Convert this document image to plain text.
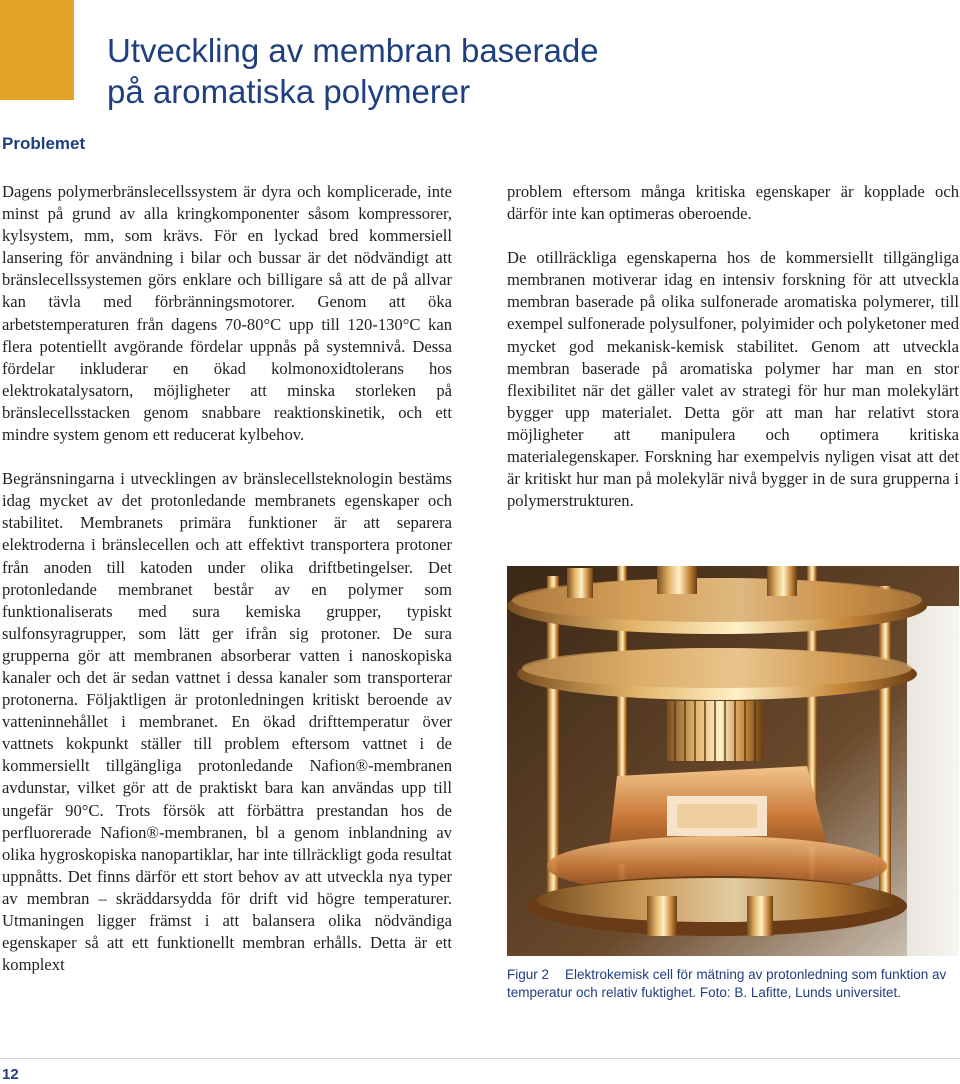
Utveckling av membran baserade
på aromatiska polymerer
Problemet

Dagens polymerbränslecellssystem är dyra och komplicerade, inte minst på grund av alla kringkomponenter såsom kompressorer, kylsystem, mm, som krävs. För en lyckad bred kommersiell lansering för användning i bilar och bussar är det nödvändigt att bränslecellssystemen görs enklare och billigare så att de på allvar kan tävla med förbränningsmotorer. Genom att öka arbetstemperaturen från dagens 70-80°C upp till 120-130°C kan flera potentiellt avgörande fördelar uppnås på systemnivå. Dessa fördelar inkluderar en ökad kolmonoxidtolerans hos elektrokatalysatorn, möjligheter att minska storleken på bränslecellsstacken genom snabbare reaktionskinetik, och ett mindre system genom ett reducerat kylbehov.

Begränsningarna i utvecklingen av bränslecellsteknologin bestäms idag mycket av det protonledande membranets egenskaper och stabilitet. Membranets primära funktioner är att separera elektroderna i bränslecellen och att effektivt transportera protoner från anoden till katoden under olika driftbetingelser. Det protonledande membranet består av en polymer som funktionaliserats med sura kemiska grupper, typiskt sulfonsyragrupper, som lätt ger ifrån sig protoner. De sura grupperna gör att membranen absorberar vatten i nanoskopiska kanaler och det är sedan vattnet i dessa kanaler som transporterar protonerna. Följaktligen är protonledningen kritiskt beroende av vatteninnehållet i membranet. En ökad drifttemperatur över vattnets kokpunkt ställer till problem eftersom vattnet i de kommersiellt tillgängliga protonledande Nafion®-membranen avdunstar, vilket gör att de praktiskt bara kan användas upp till ungefär 90°C. Trots försök att förbättra prestandan hos de perfluorerade Nafion®-membranen, bl a genom inblandning av olika hygroskopiska nanopartiklar, har inte tillräckligt goda resultat uppnåtts. Det finns därför ett stort behov av att utveckla nya typer av membran – skräddarsydda för drift vid högre temperaturer. Utmaningen ligger främst i att balansera olika nödvändiga egenskaper så att ett funktionellt membran erhålls. Detta är ett komplext

problem eftersom många kritiska egenskaper är kopplade och därför inte kan optimeras oberoende.

De otillräckliga egenskaperna hos de kommersiellt tillgängliga membranen motiverar idag en intensiv forskning för att utveckla membran baserade på olika sulfonerade aromatiska polymerer, till exempel sulfonerade polysulfoner, polyimider och polyketoner med mycket god mekanisk-kemisk stabilitet. Genom att utveckla membran baserade på aromatiska polymer har man en stor flexibilitet när det gäller valet av strategi för hur man molekylärt bygger upp materialet. Detta gör att man har relativt stora möjligheter att manipulera och optimera kritiska materialegenskaper. Forskning har exempelvis nyligen visat att det är kritiskt hur man på molekylär nivå bygger in de sura grupperna i polymerstrukturen.

Figur 2 Elektrokemisk cell för mätning av protonledning som funktion av temperatur och relativ fuktighet. Foto: B. Lafitte, Lunds universitet.
12
